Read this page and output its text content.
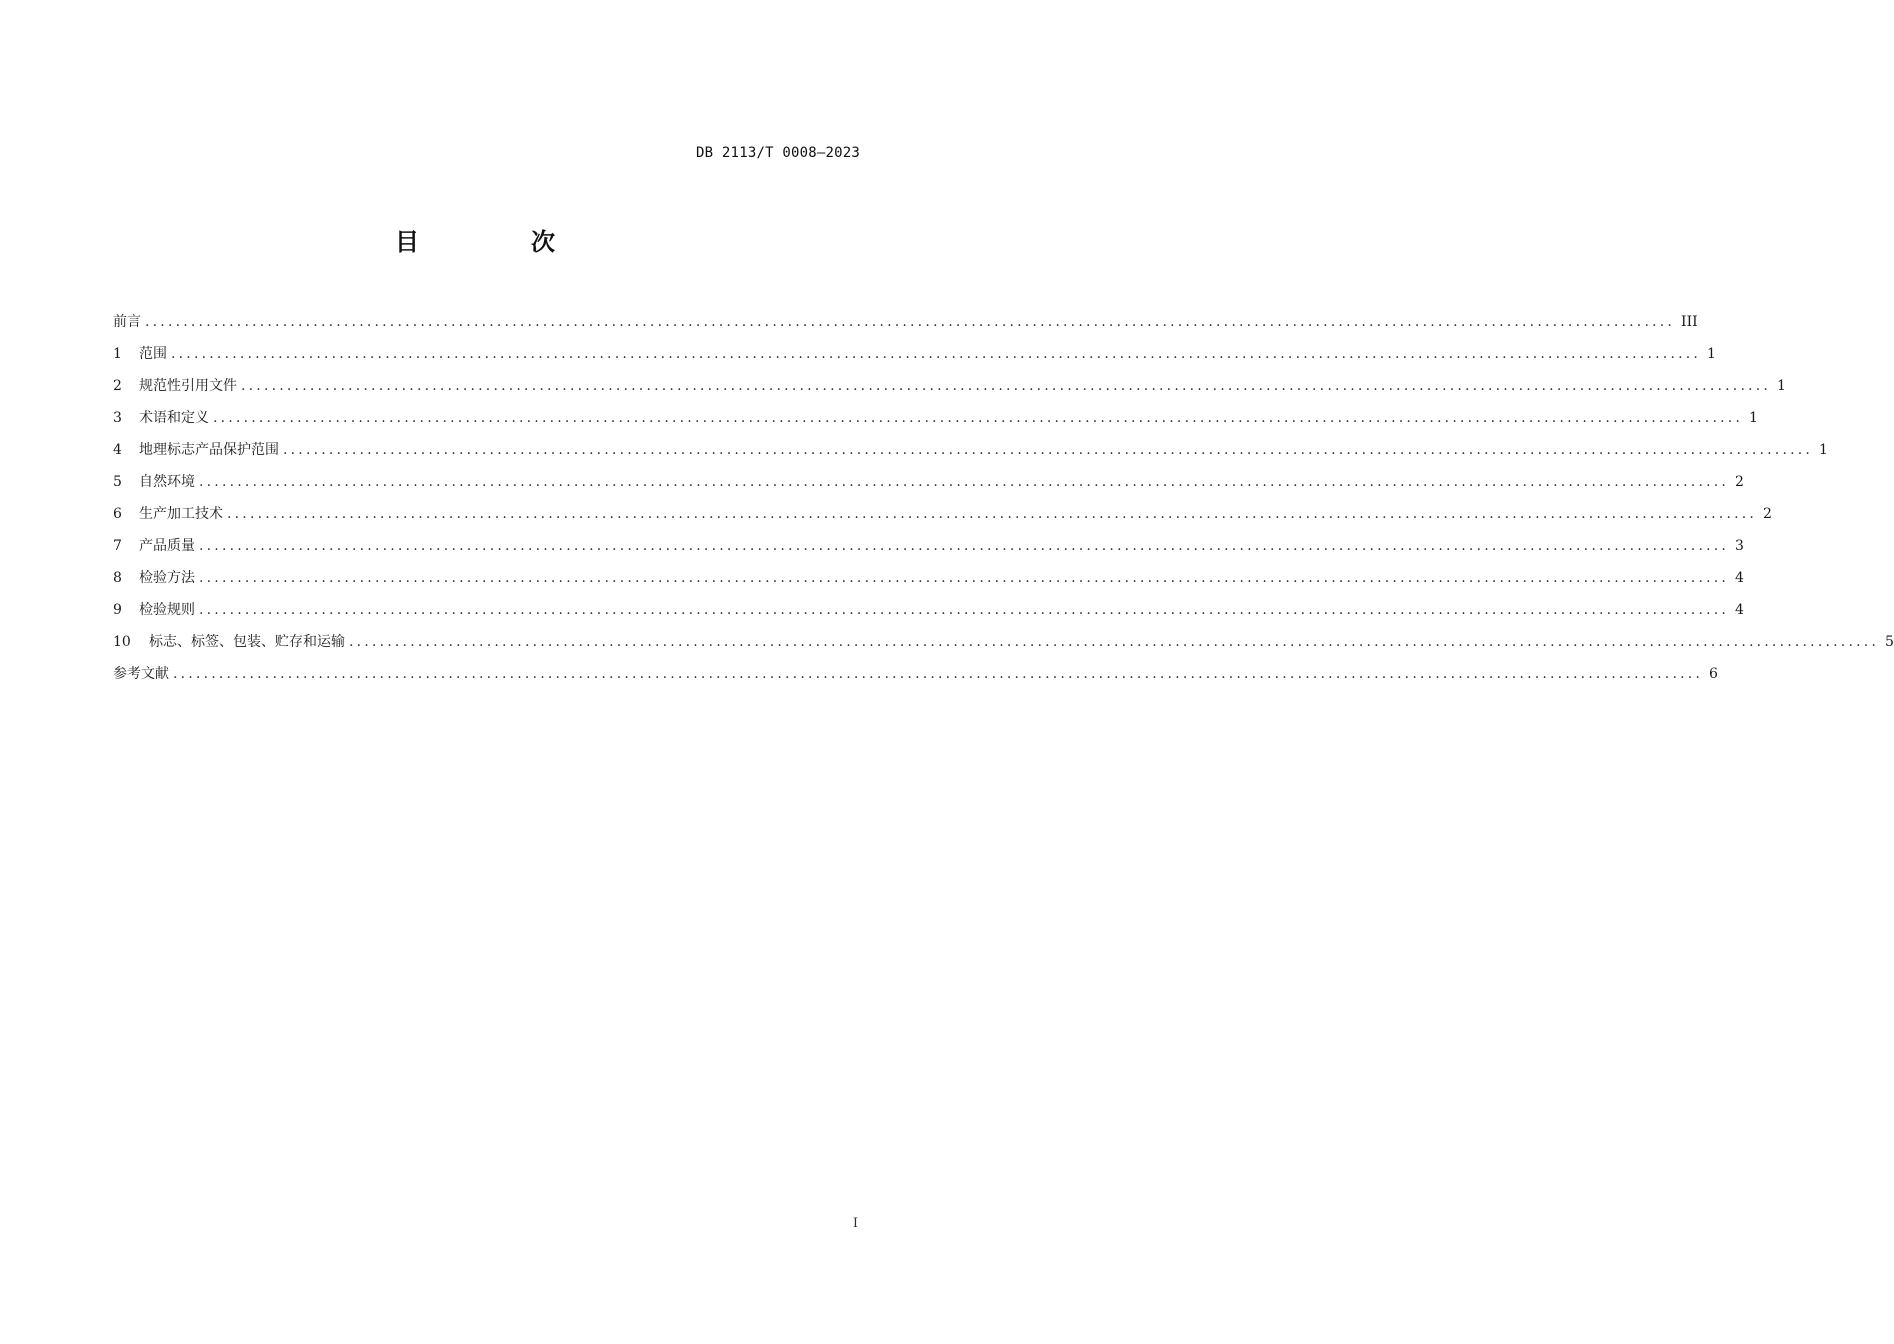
DB 2113/T 0008—2023
目　次
前言 ........................................................................................................................................................................................................ III
1	范围 ........................................................................................................................................................................................................ 1
2	规范性引用文件 ........................................................................................................................................................................................................ 1
3	术语和定义 ........................................................................................................................................................................................................ 1
4	地理标志产品保护范围 ........................................................................................................................................................................................................ 1
5	自然环境 ........................................................................................................................................................................................................ 2
6	生产加工技术 ........................................................................................................................................................................................................ 2
7	产品质量 ........................................................................................................................................................................................................ 3
8	检验方法 ........................................................................................................................................................................................................ 4
9	检验规则 ........................................................................................................................................................................................................ 4
10	标志、标签、包装、贮存和运输 ........................................................................................................................................................................................................ 5
参考文献 ........................................................................................................................................................................................................ 6
I
